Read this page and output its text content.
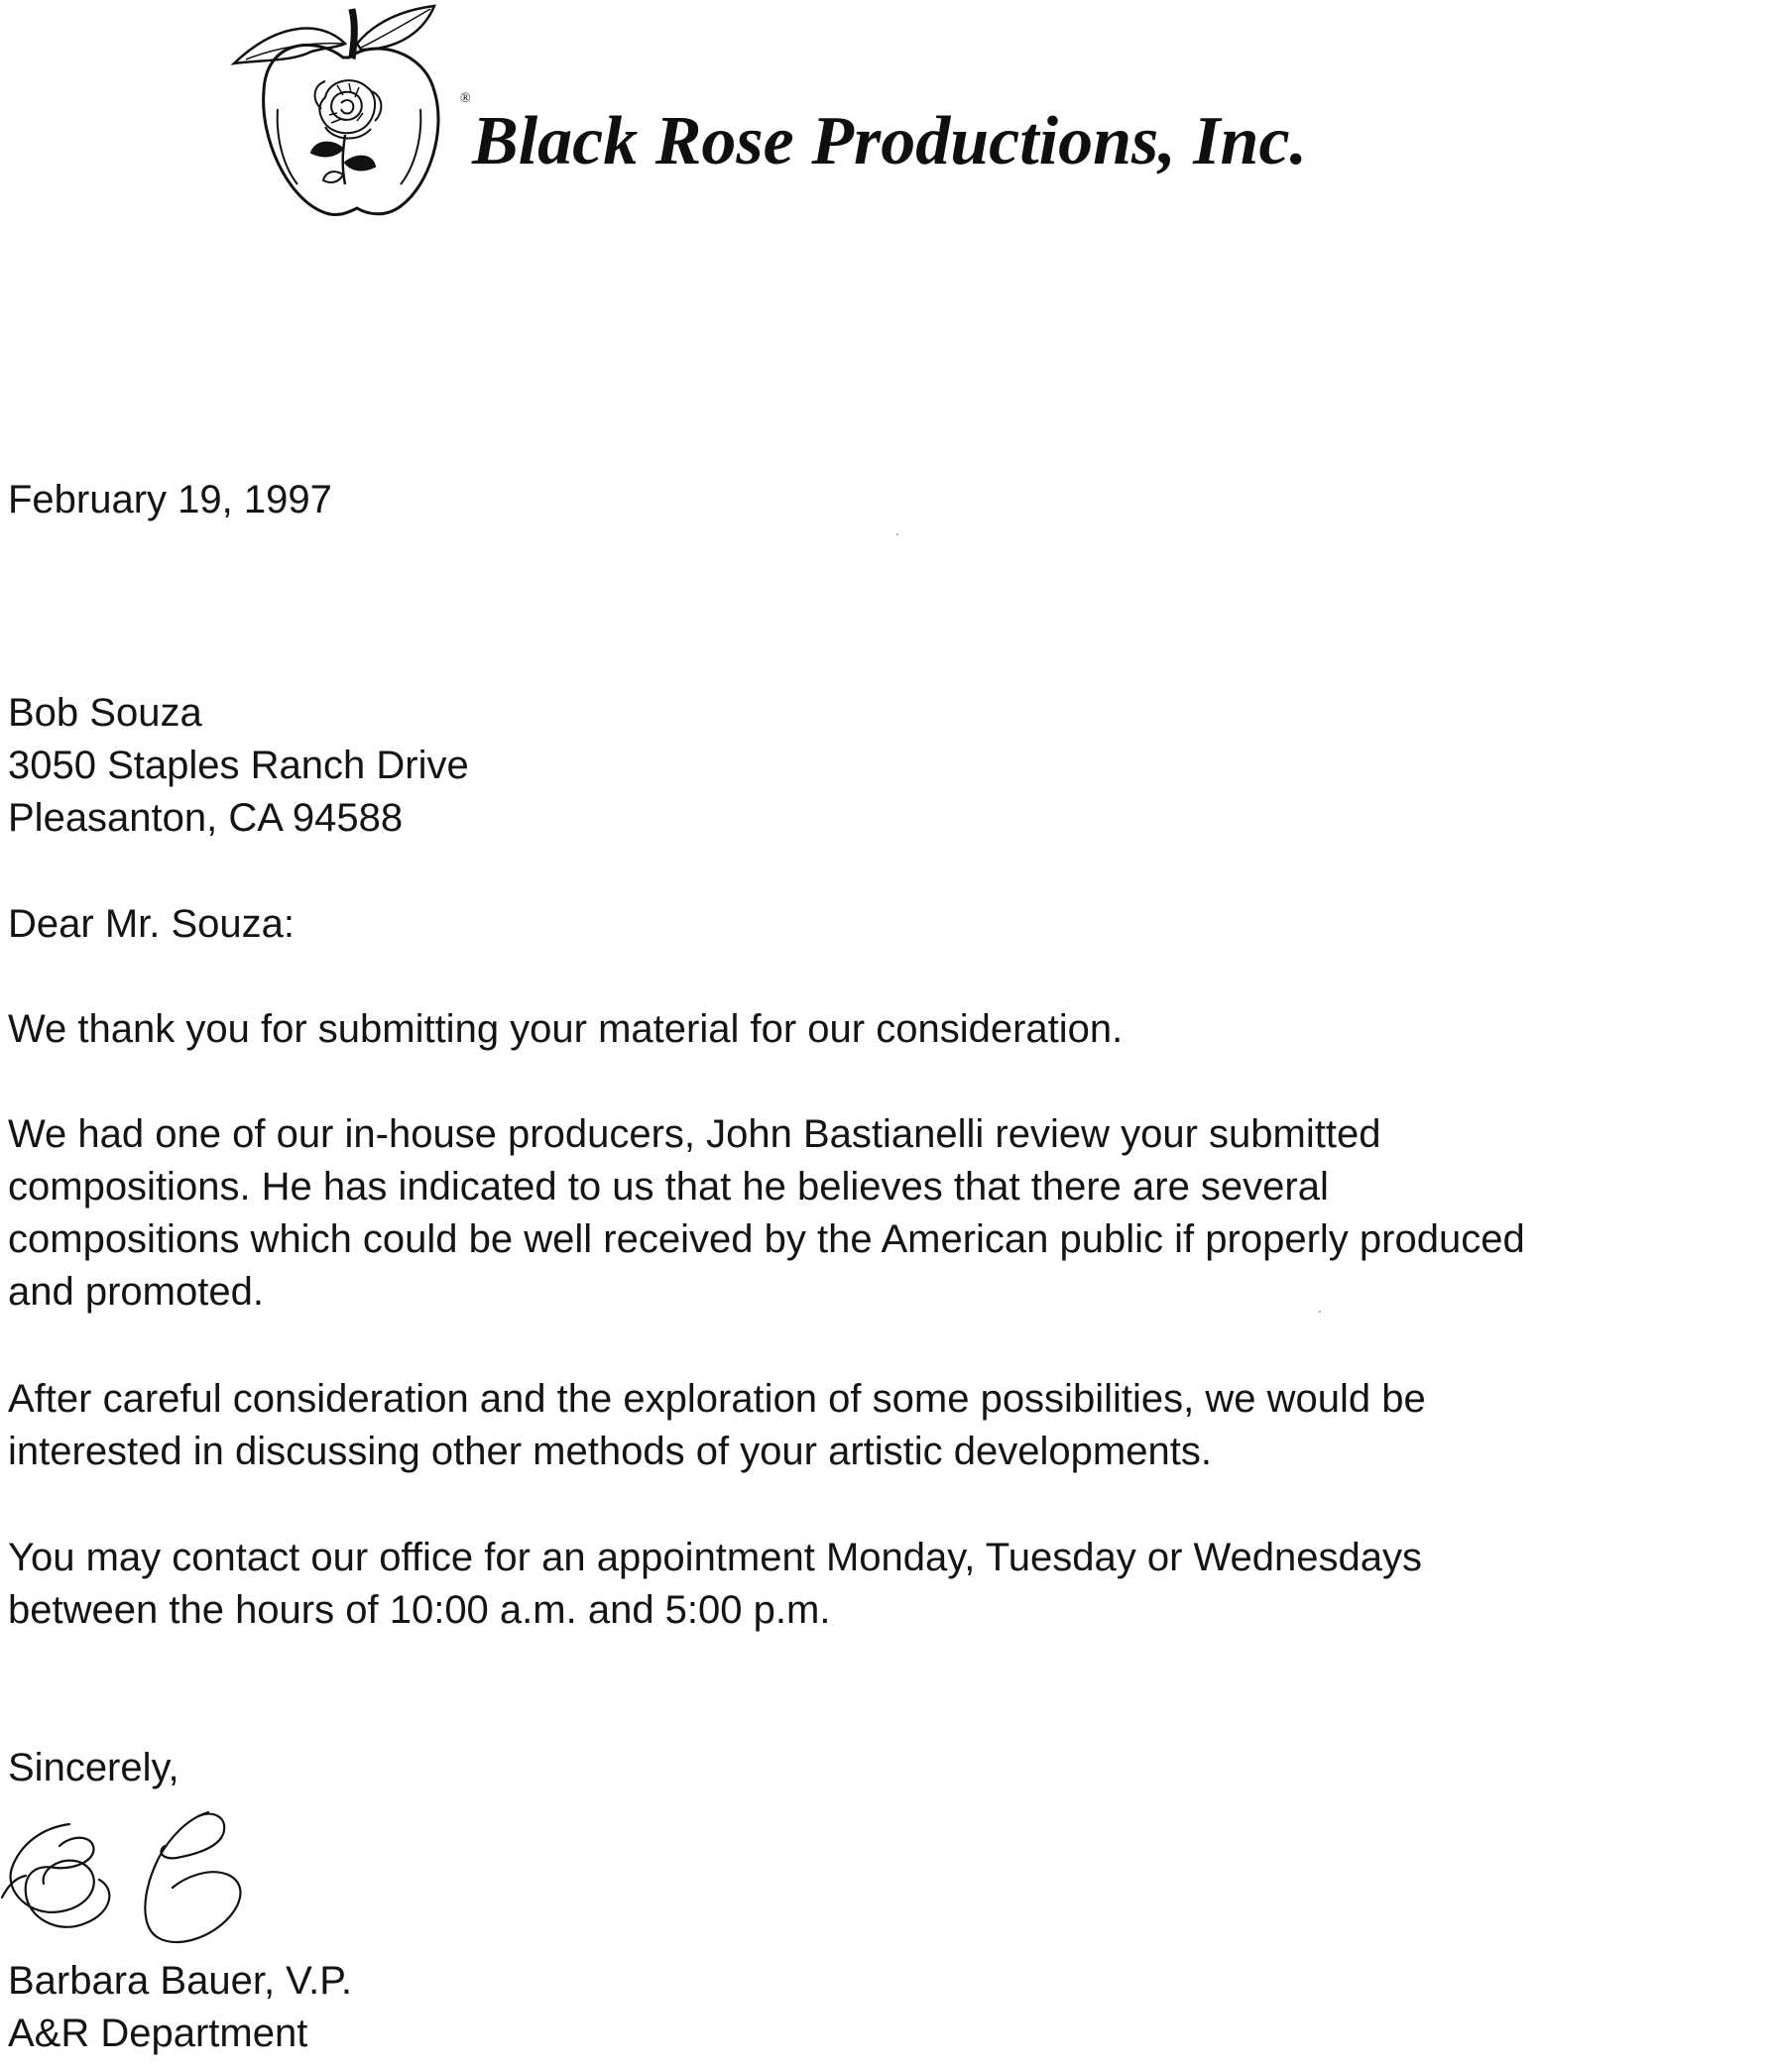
®
Black Rose Productions, Inc.
February 19, 1997
Bob Souza
3050 Staples Ranch Drive
Pleasanton, CA 94588
Dear Mr. Souza:
We thank you for submitting your material for our consideration.
We had one of our in-house producers, John Bastianelli review your submitted
compositions. He has indicated to us that he believes that there are several
compositions which could be well received by the American public if properly produced
and promoted.
After careful consideration and the exploration of some possibilities, we would be
interested in discussing other methods of your artistic developments.
You may contact our office for an appointment Monday, Tuesday or Wednesdays
between the hours of 10:00 a.m. and 5:00 p.m.
Sincerely,
Barbara Bauer, V.P.
A&R Department
